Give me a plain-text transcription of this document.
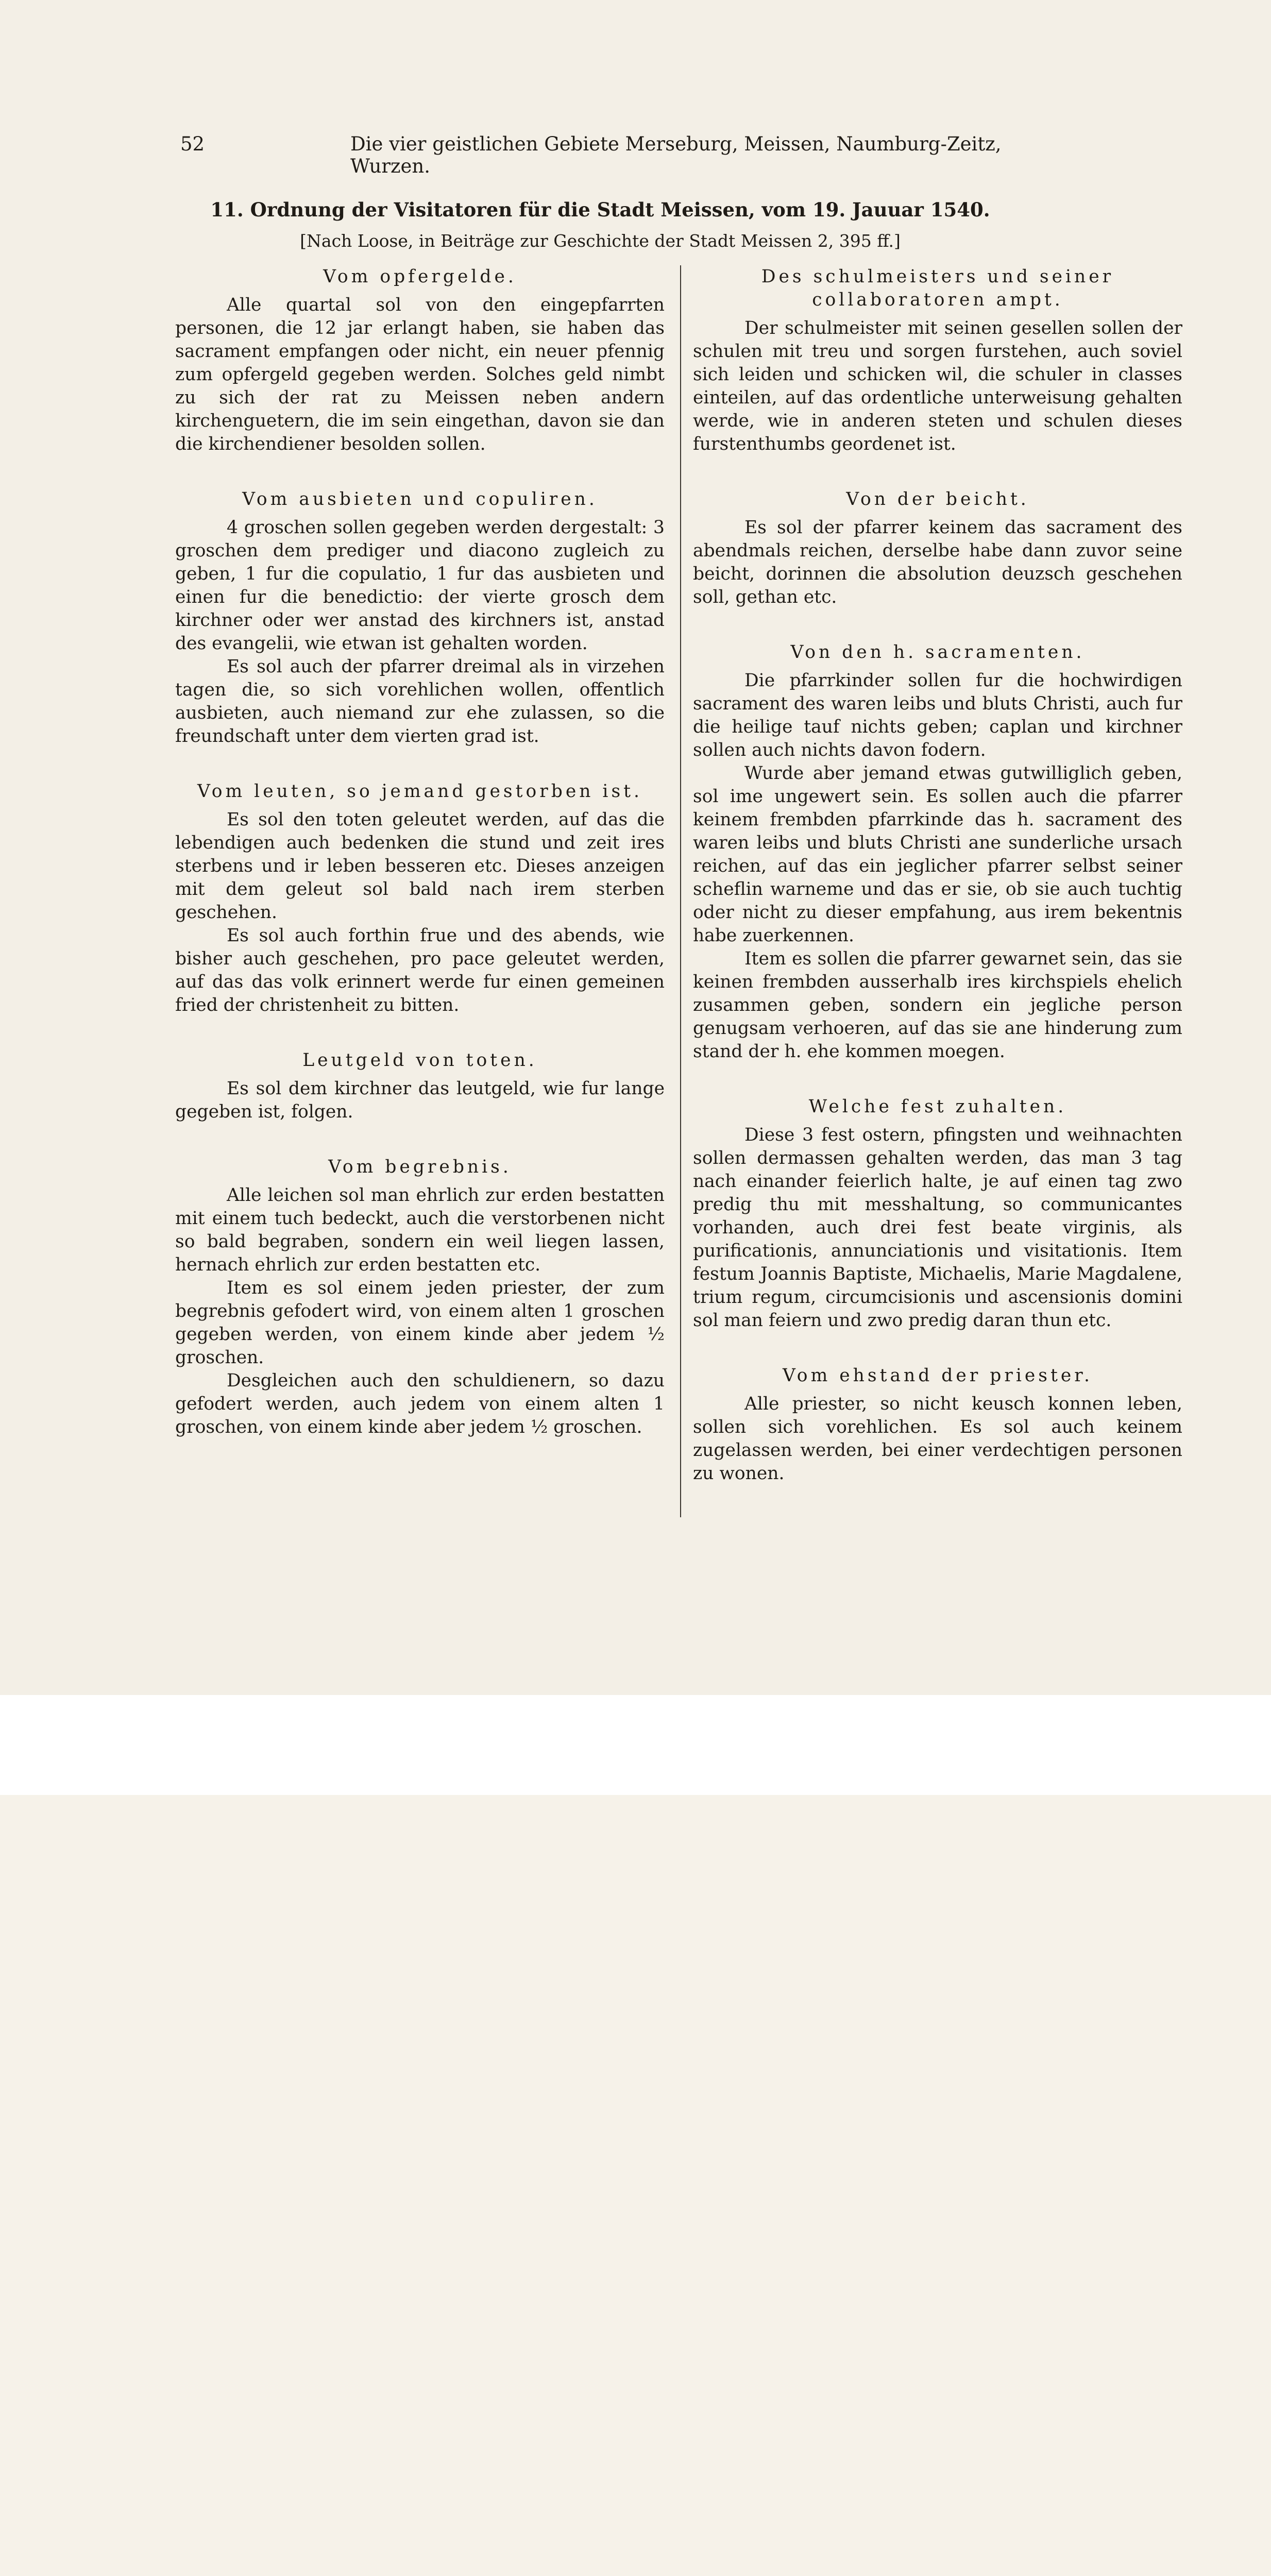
52	Die vier geistlichen Gebiete Merseburg, Meissen, Naumburg-Zeitz, Wurzen.
11. Ordnung der Visitatoren für die Stadt Meissen, vom 19. Jauuar 1540.
[Nach Loose, in Beiträge zur Geschichte der Stadt Meissen 2, 395 ff.]
Vom opfergelde.

Alle quartal sol von den eingepfarrten personen, die 12 jar erlangt haben, sie haben das sacrament empfangen oder nicht, ein neuer pfennig zum opfergeld gegeben werden. Solches geld nimbt zu sich der rat zu Meissen neben andern kirchenguetern, die im sein eingethan, davon sie dan die kirchendiener besolden sollen.

Vom ausbieten und copuliren.

4 groschen sollen gegeben werden dergestalt: 3 groschen dem prediger und diacono zugleich zu geben, 1 fur die copulatio, 1 fur das ausbieten und einen fur die benedictio: der vierte grosch dem kirchner oder wer anstad des kirchners ist, anstad des evangelii, wie etwan ist gehalten worden.

Es sol auch der pfarrer dreimal als in virzehen tagen die, so sich vorehlichen wollen, offentlich ausbieten, auch niemand zur ehe zulassen, so die freundschaft unter dem vierten grad ist.

Vom leuten, so jemand gestorben ist.

Es sol den toten geleutet werden, auf das die lebendigen auch bedenken die stund und zeit ires sterbens und ir leben besseren etc. Dieses anzeigen mit dem geleut sol bald nach irem sterben geschehen.

Es sol auch forthin frue und des abends, wie bisher auch geschehen, pro pace geleutet werden, auf das das volk erinnert werde fur einen gemeinen fried der christenheit zu bitten.

Leutgeld von toten.

Es sol dem kirchner das leutgeld, wie fur lange gegeben ist, folgen.

Vom begrebnis.

Alle leichen sol man ehrlich zur erden bestatten mit einem tuch bedeckt, auch die verstorbenen nicht so bald begraben, sondern ein weil liegen lassen, hernach ehrlich zur erden bestatten etc.

Item es sol einem jeden priester, der zum begrebnis gefodert wird, von einem alten 1 groschen gegeben werden, von einem kinde aber jedem ½ groschen.

Desgleichen auch den schuldienern, so dazu gefodert werden, auch jedem von einem alten 1 groschen, von einem kinde aber jedem ½ groschen.

Des schulmeisters und seiner collaboratoren ampt.

Der schulmeister mit seinen gesellen sollen der schulen mit treu und sorgen furstehen, auch soviel sich leiden und schicken wil, die schuler in classes einteilen, auf das ordentliche unterweisung gehalten werde, wie in anderen steten und schulen dieses furstenthumbs geordenet ist.

Von der beicht.

Es sol der pfarrer keinem das sacrament des abendmals reichen, derselbe habe dann zuvor seine beicht, dorinnen die absolution deuzsch geschehen soll, gethan etc.

Von den h. sacramenten.

Die pfarrkinder sollen fur die hochwirdigen sacrament des waren leibs und bluts Christi, auch fur die heilige tauf nichts geben; caplan und kirchner sollen auch nichts davon fodern.

Wurde aber jemand etwas gutwilliglich geben, sol ime ungewert sein. Es sollen auch die pfarrer keinem frembden pfarrkinde das h. sacrament des waren leibs und bluts Christi ane sunderliche ursach reichen, auf das ein jeglicher pfarrer selbst seiner scheflin warneme und das er sie, ob sie auch tuchtig oder nicht zu dieser empfahung, aus irem bekentnis habe zuerkennen.

Item es sollen die pfarrer gewarnet sein, das sie keinen frembden ausserhalb ires kirchspiels ehelich zusammen geben, sondern ein jegliche person genugsam verhoeren, auf das sie ane hinderung zum stand der h. ehe kommen moegen.

Welche fest zuhalten.

Diese 3 fest ostern, pfingsten und weihnachten sollen dermassen gehalten werden, das man 3 tag nach einander feierlich halte, je auf einen tag zwo predig thu mit messhaltung, so communicantes vorhanden, auch drei fest beate virginis, als purificationis, annunciationis und visitationis. Item festum Joannis Baptiste, Michaelis, Marie Magdalene, trium regum, circumcisionis und ascensionis domini sol man feiern und zwo predig daran thun etc.

Vom ehstand der priester.

Alle priester, so nicht keusch konnen leben, sollen sich vorehlichen. Es sol auch keinem zugelassen werden, bei einer verdechtigen personen zu wonen.
